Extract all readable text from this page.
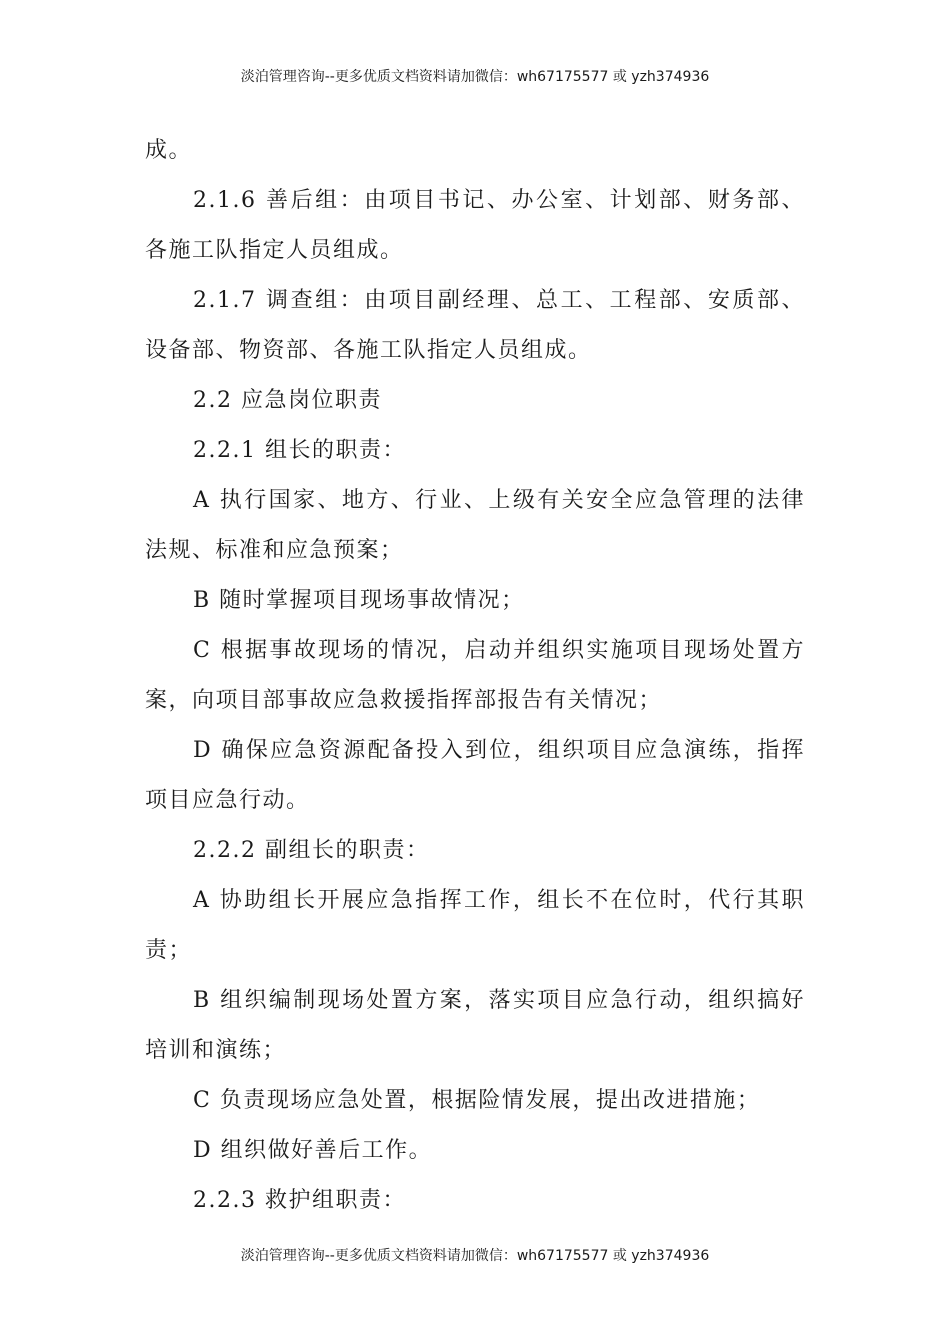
淡泊管理咨询--更多优质文档资料请加微信：wh67175577 或 yzh374936

成。

2.1.6 善后组：由项目书记、办公室、计划部、财务部、各施工队指定人员组成。

2.1.7 调查组：由项目副经理、总工、工程部、安质部、设备部、物资部、各施工队指定人员组成。

2.2 应急岗位职责

2.2.1 组长的职责：

A 执行国家、地方、行业、上级有关安全应急管理的法律法规、标准和应急预案；

B 随时掌握项目现场事故情况；

C 根据事故现场的情况，启动并组织实施项目现场处置方案，向项目部事故应急救援指挥部报告有关情况；

D 确保应急资源配备投入到位，组织项目应急演练，指挥项目应急行动。

2.2.2 副组长的职责：

A 协助组长开展应急指挥工作，组长不在位时，代行其职责；

B 组织编制现场处置方案，落实项目应急行动，组织搞好培训和演练；

C 负责现场应急处置，根据险情发展，提出改进措施；

D 组织做好善后工作。

2.2.3 救护组职责：

淡泊管理咨询--更多优质文档资料请加微信：wh67175577 或 yzh374936
